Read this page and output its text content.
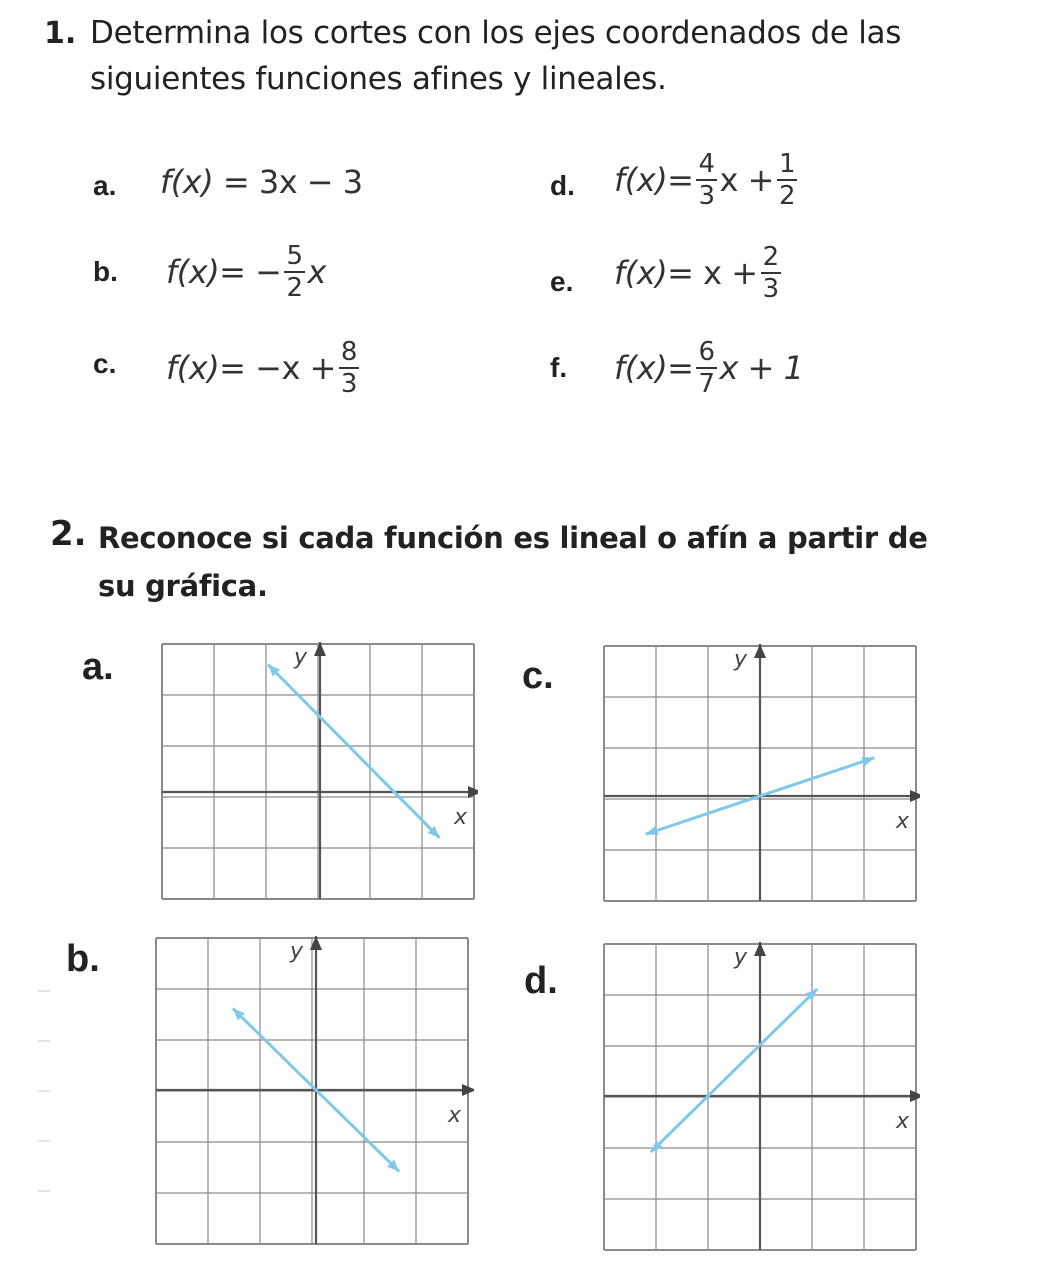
1. Determina los cortes con los ejes coordenados de las
siguientes funciones afines y lineales.
a. f(x)
= 3x − 3
b. f(x) = − $\frac{5}{2}$ x
c. $f(x) = -x + \frac{8}{3}$
d. $f(x) = \frac{4}{3}$ $x + \frac{1}{2}$
e. $f(x) = x + \frac{2}{3}$
f. $f(x) = \frac{6}{7}$ x + 1
2. Reconoce si cada función es lineal o afín a partir de
su gráfica.
a.	c.
b.
d.
y
x
y
x
y
x
y
x
